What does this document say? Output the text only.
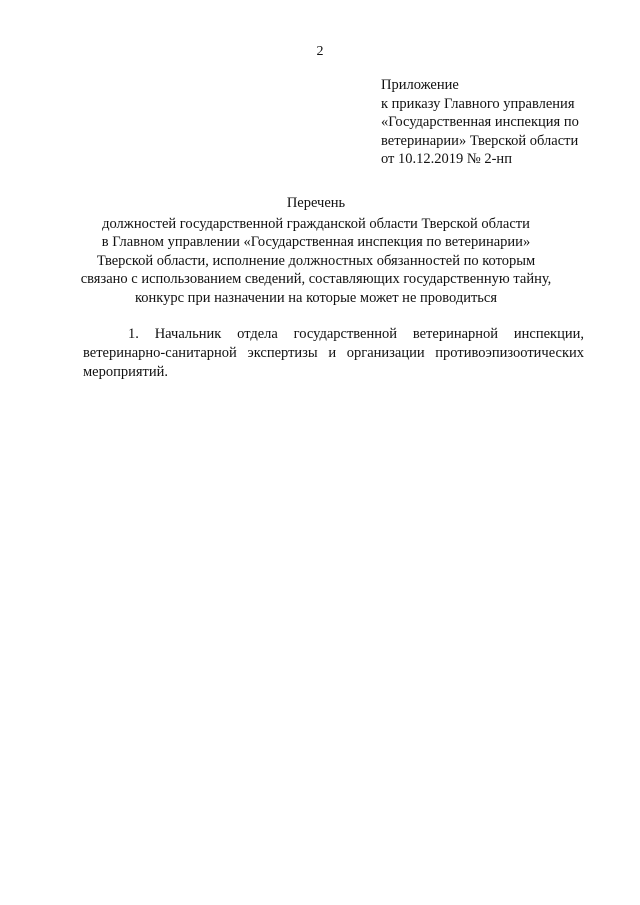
2
Приложение
к приказу Главного управления
«Государственная инспекция по
ветеринарии» Тверской области
от 10.12.2019 № 2-нп
Перечень
должностей государственной гражданской области Тверской области
в Главном управлении «Государственная инспекция по ветеринарии»
Тверской области, исполнение должностных обязанностей по которым
связано с использованием сведений, составляющих государственную тайну,
конкурс при назначении на которые может не проводиться

1. Начальник отдела государственной ветеринарной инспекции, ветеринарно-санитарной экспертизы и организации противоэпизоотических мероприятий.
